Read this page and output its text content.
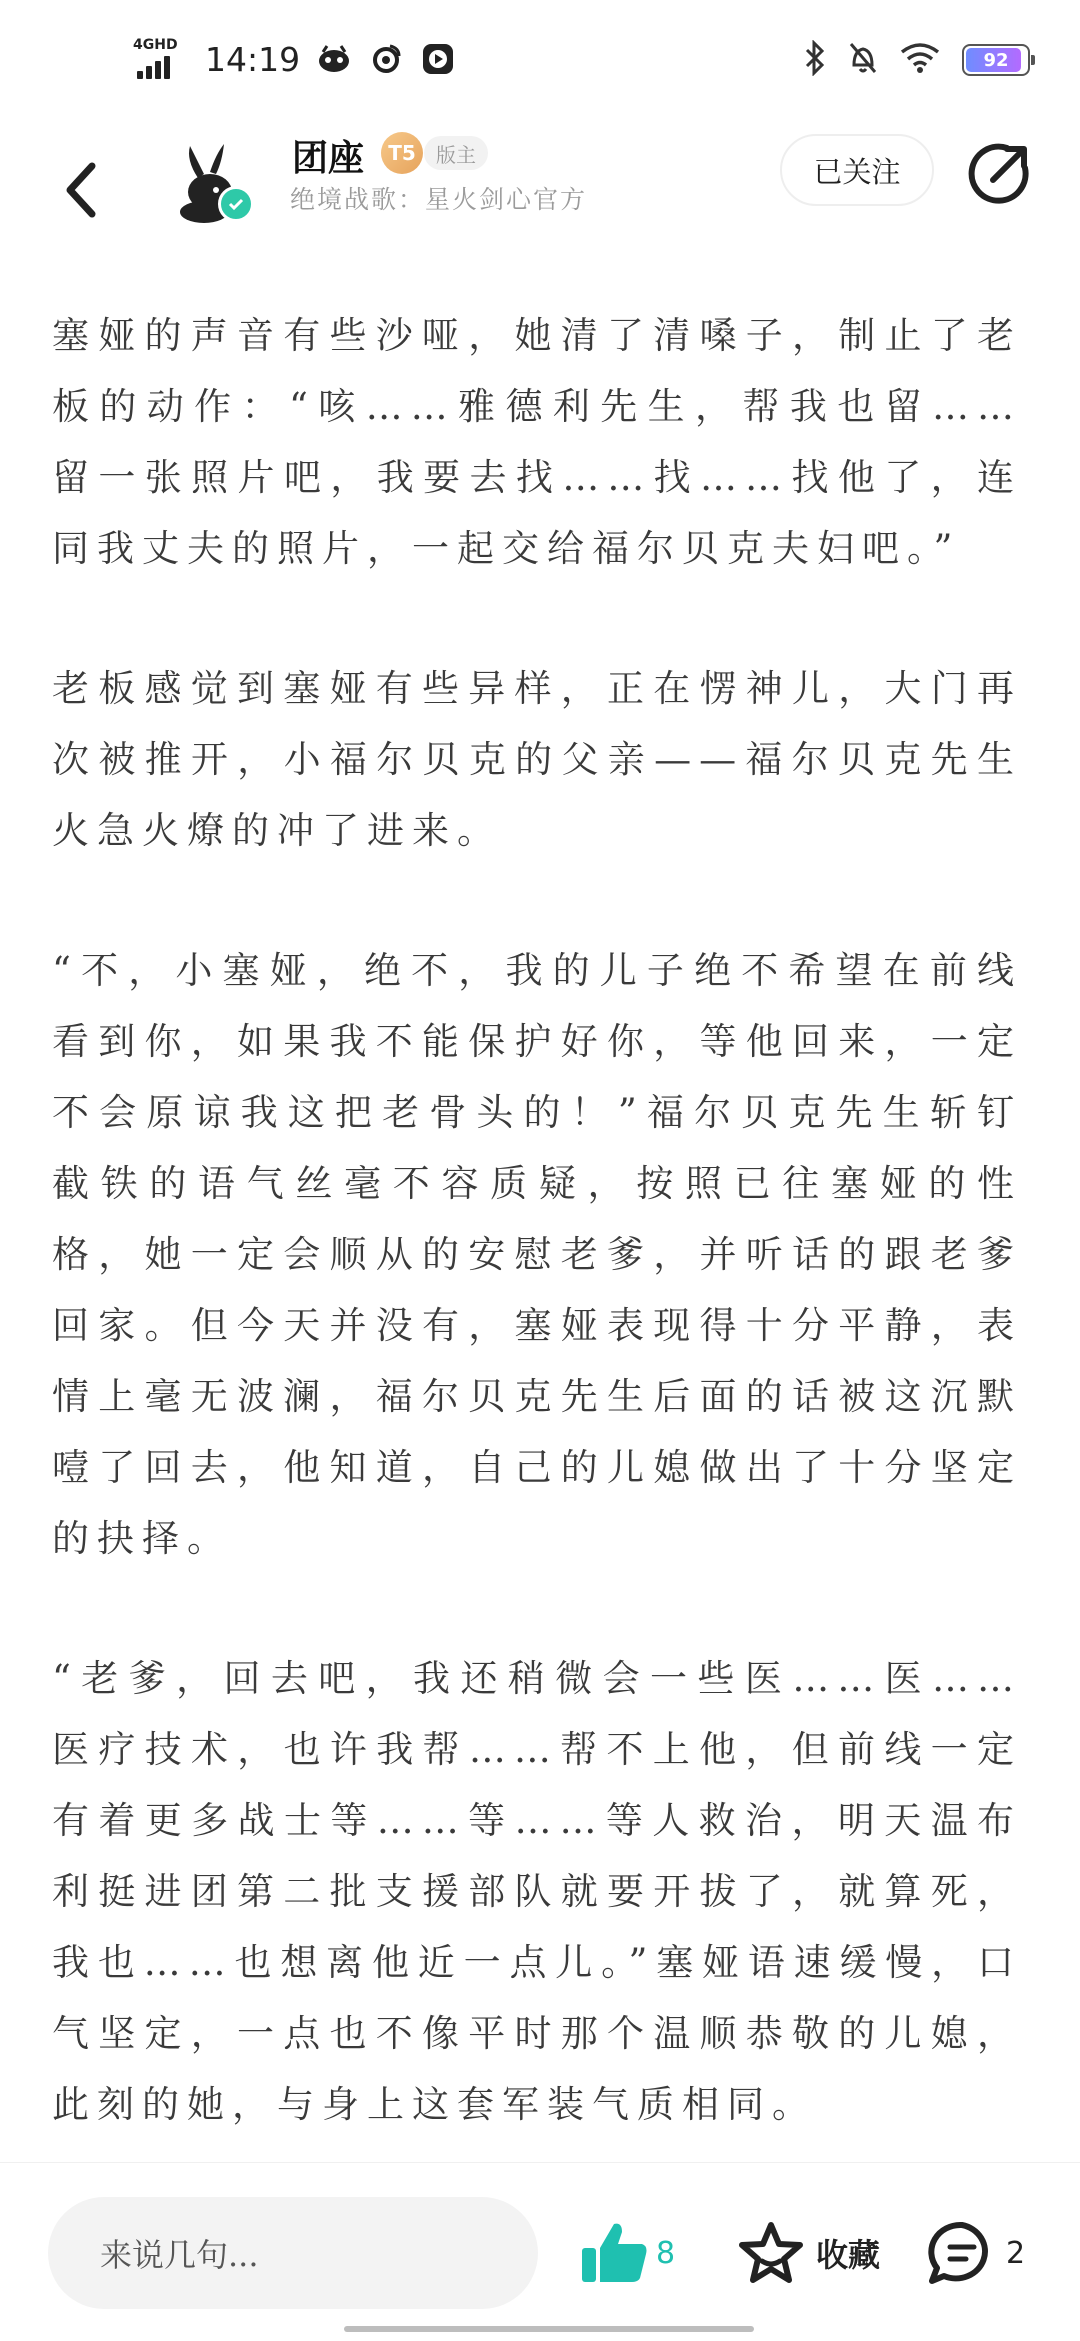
4GHD 14:19	92
团座	T5	版主
绝境战歌：星火剑心官方
已关注

塞娅的声音有些沙哑，她清了清嗓子，制止了老板的动作：“咳……雅德利先生，帮我也留……留一张照片吧，我要去找……找……找他了，连同我丈夫的照片，一起交给福尔贝克夫妇吧。”

老板感觉到塞娅有些异样，正在愣神儿，大门再次被推开，小福尔贝克的父亲——福尔贝克先生火急火燎的冲了进来。

“不，小塞娅，绝不，我的儿子绝不希望在前线看到你，如果我不能保护好你，等他回来，一定不会原谅我这把老骨头的！”福尔贝克先生斩钉截铁的语气丝毫不容质疑，按照已往塞娅的性格，她一定会顺从的安慰老爹，并听话的跟老爹回家。但今天并没有，塞娅表现得十分平静，表情上毫无波澜，福尔贝克先生后面的话被这沉默噎了回去，他知道，自己的儿媳做出了十分坚定的抉择。

“老爹，回去吧，我还稍微会一些医……医……医疗技术，也许我帮……帮不上他，但前线一定有着更多战士等……等……等人救治，明天温布利挺进团第二批支援部队就要开拔了，就算死，我也……也想离他近一点儿。”塞娅语速缓慢，口气坚定，一点也不像平时那个温顺恭敬的儿媳，此刻的她，与身上这套军装气质相同。

来说几句...	8	收藏	2
